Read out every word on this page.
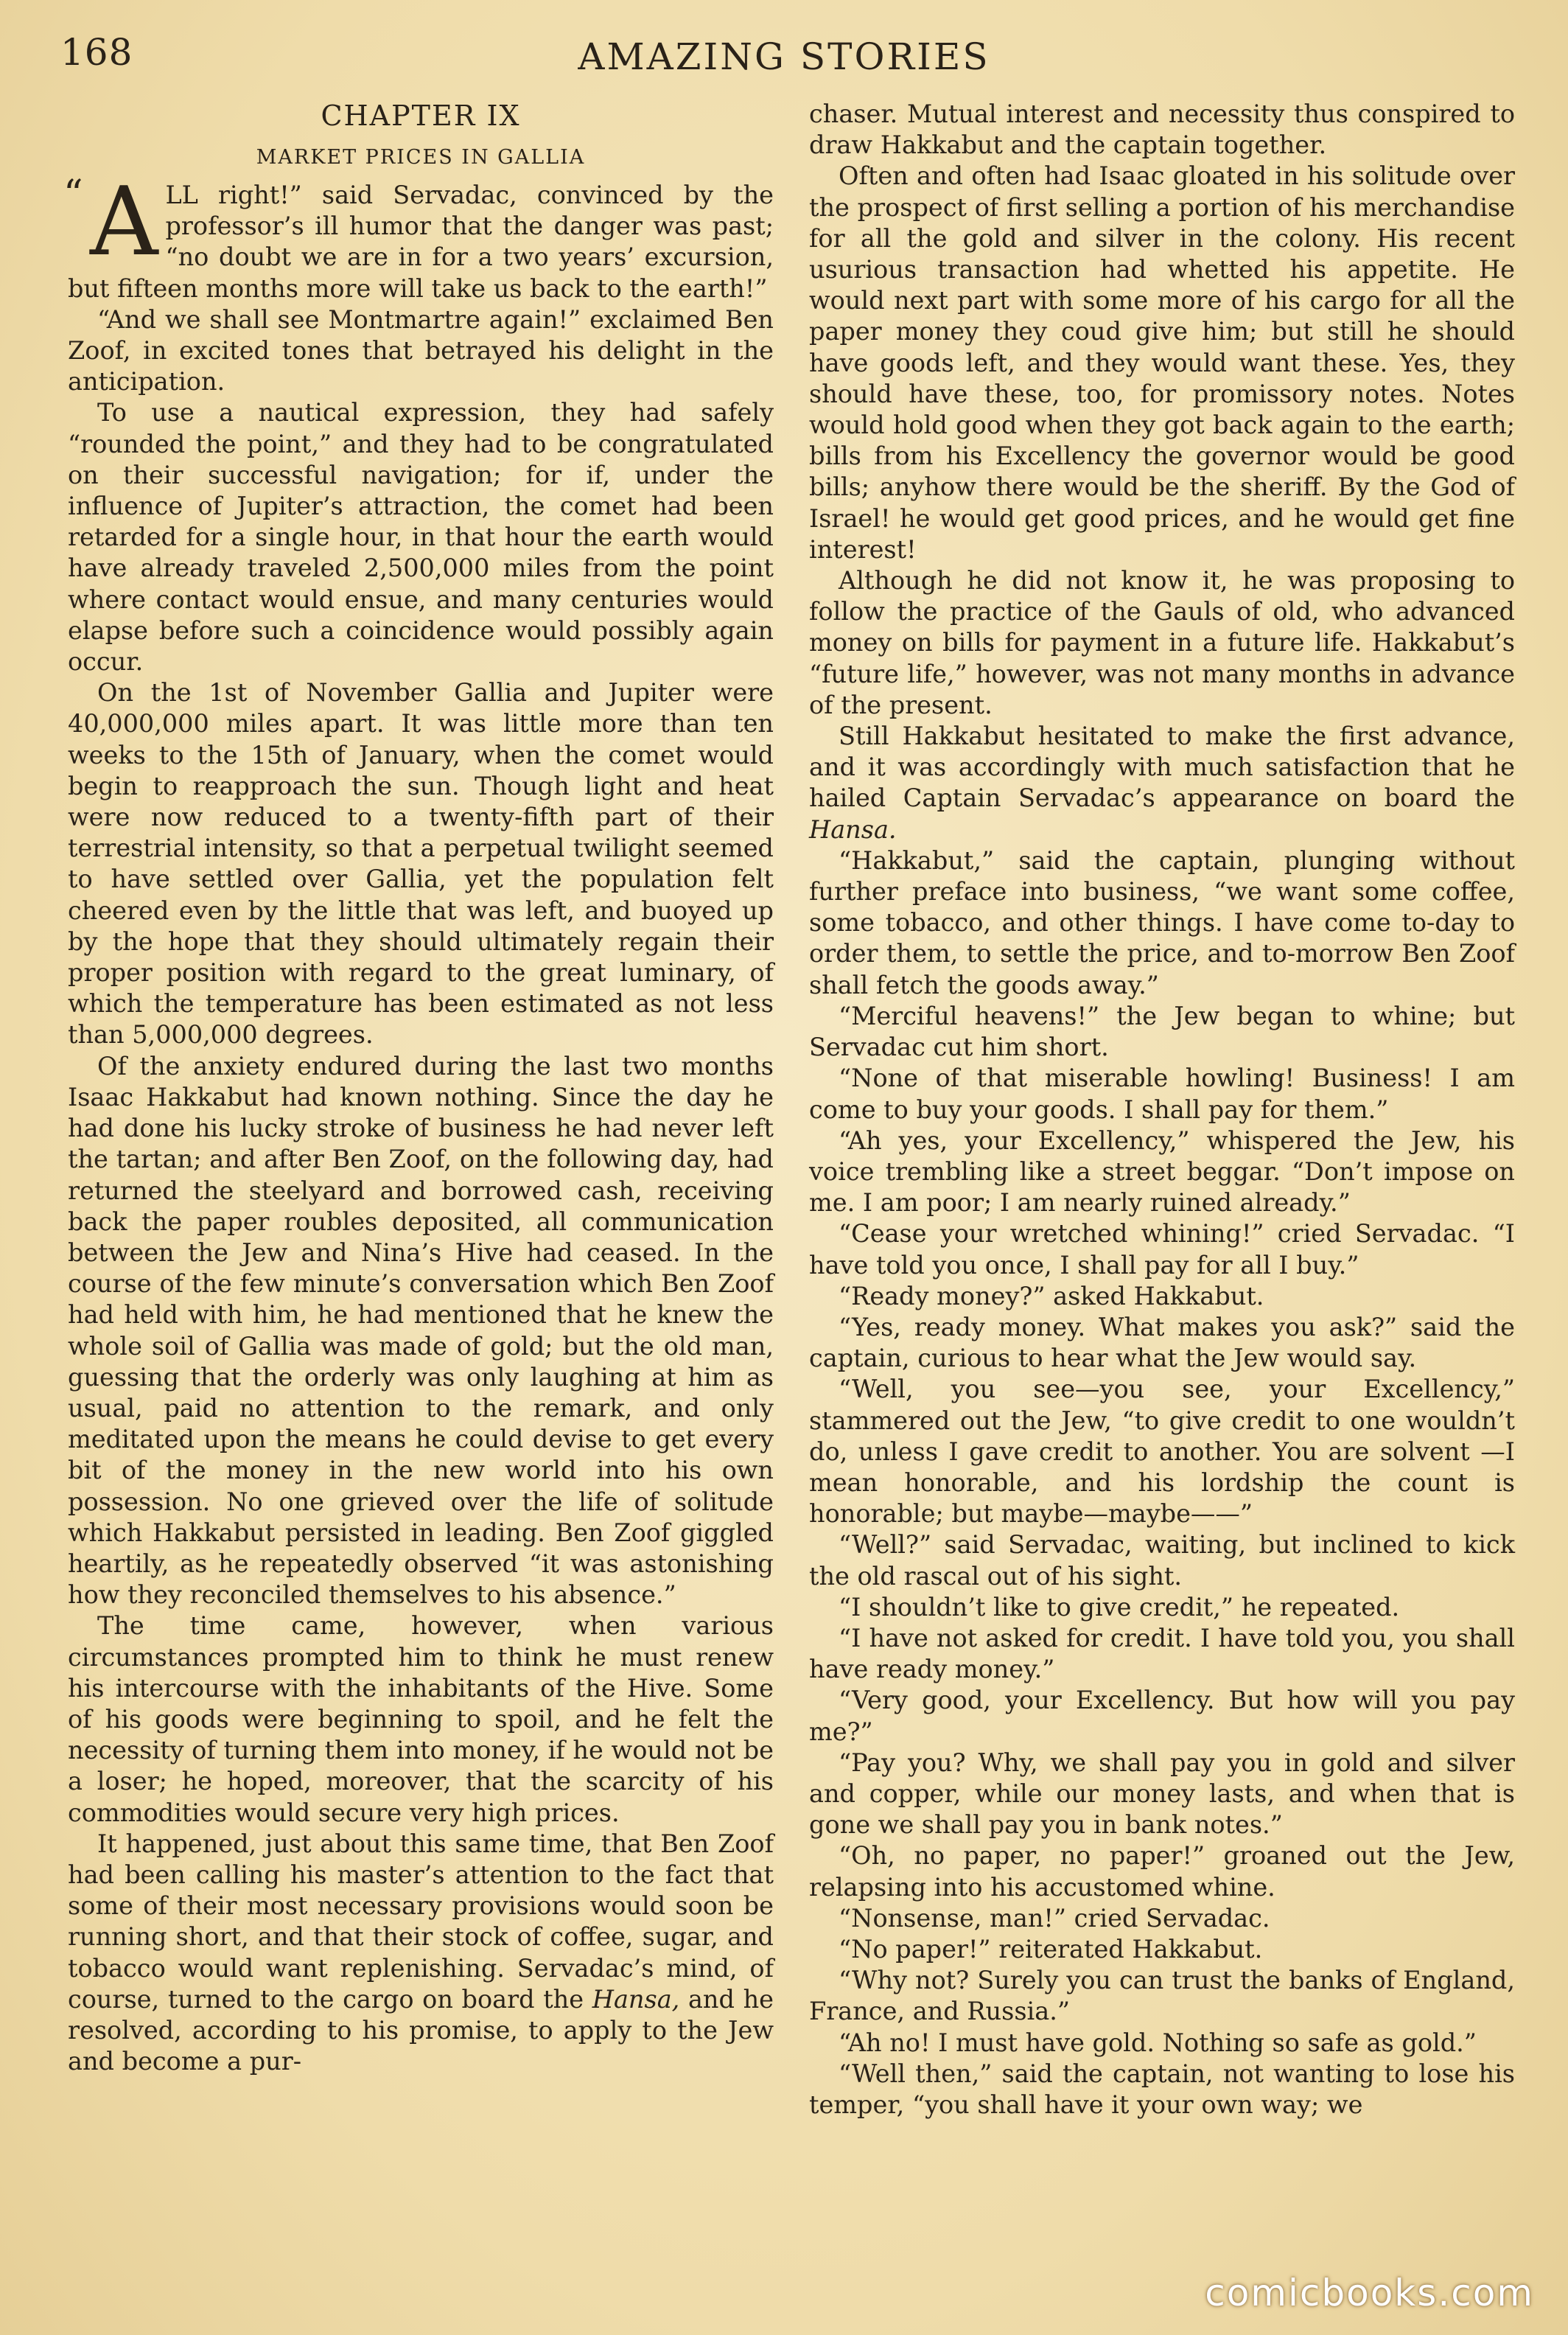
168	AMAZING STORIES
CHAPTER IX
MARKET PRICES IN GALLIA
“ A LL right!” said Servadac, convinced by the professor’s ill humor that the danger was past; “no doubt we are in for a two years’ excursion, but fifteen months more will take us back to the earth!”

“And we shall see Montmartre again!” exclaimed Ben Zoof, in excited tones that betrayed his delight in the anticipation.

To use a nautical expression, they had safely “rounded the point,” and they had to be congratulated on their successful navigation; for if, under the influence of Jupiter’s attraction, the comet had been retarded for a single hour, in that hour the earth would have already traveled 2,500,000 miles from the point where contact would ensue, and many centuries would elapse before such a coincidence would possibly again occur.

On the 1st of November Gallia and Jupiter were 40,000,000 miles apart. It was little more than ten weeks to the 15th of January, when the comet would begin to reapproach the sun. Though light and heat were now reduced to a twenty-fifth part of their terrestrial intensity, so that a perpetual twilight seemed to have settled over Gallia, yet the population felt cheered even by the little that was left, and buoyed up by the hope that they should ultimately regain their proper position with regard to the great luminary, of which the temperature has been estimated as not less than 5,000,000 degrees.

Of the anxiety endured during the last two months Isaac Hakkabut had known nothing. Since the day he had done his lucky stroke of business he had never left the tartan; and after Ben Zoof, on the following day, had returned the steelyard and borrowed cash, receiving back the paper roubles deposited, all communication between the Jew and Nina’s Hive had ceased. In the course of the few minute’s conversation which Ben Zoof had held with him, he had mentioned that he knew the whole soil of Gallia was made of gold; but the old man, guessing that the orderly was only laughing at him as usual, paid no attention to the remark, and only meditated upon the means he could devise to get every bit of the money in the new world into his own possession. No one grieved over the life of solitude which Hakkabut persisted in leading. Ben Zoof giggled heartily, as he repeatedly observed “it was astonishing how they reconciled themselves to his absence.”

The time came, however, when various circumstances prompted him to think he must renew his intercourse with the inhabitants of the Hive. Some of his goods were beginning to spoil, and he felt the necessity of turning them into money, if he would not be a loser; he hoped, moreover, that the scarcity of his commodities would secure very high prices.

It happened, just about this same time, that Ben Zoof had been calling his master’s attention to the fact that some of their most necessary provisions would soon be running short, and that their stock of coffee, sugar, and tobacco would want replenishing. Servadac’s mind, of course, turned to the cargo on board the Hansa, and he resolved, according to his promise, to apply to the Jew and become a pur-

chaser. Mutual interest and necessity thus conspired to draw Hakkabut and the captain together.

Often and often had Isaac gloated in his solitude over the prospect of first selling a portion of his merchandise for all the gold and silver in the colony. His recent usurious transaction had whetted his appetite. He would next part with some more of his cargo for all the paper money they coud give him; but still he should have goods left, and they would want these. Yes, they should have these, too, for promissory notes. Notes would hold good when they got back again to the earth; bills from his Excellency the governor would be good bills; anyhow there would be the sheriff. By the God of Israel! he would get good prices, and he would get fine interest!

Although he did not know it, he was proposing to follow the practice of the Gauls of old, who advanced money on bills for payment in a future life. Hakkabut’s “future life,” however, was not many months in advance of the present.

Still Hakkabut hesitated to make the first advance, and it was accordingly with much satisfaction that he hailed Captain Servadac’s appearance on board the Hansa.

“Hakkabut,” said the captain, plunging without further preface into business, “we want some coffee, some tobacco, and other things. I have come to-day to order them, to settle the price, and to-morrow Ben Zoof shall fetch the goods away.”

“Merciful heavens!” the Jew began to whine; but Servadac cut him short.

“None of that miserable howling! Business! I am come to buy your goods. I shall pay for them.”

“Ah yes, your Excellency,” whispered the Jew, his voice trembling like a street beggar. “Don’t impose on me. I am poor; I am nearly ruined already.”

“Cease your wretched whining!” cried Servadac. “I have told you once, I shall pay for all I buy.”

“Ready money?” asked Hakkabut.

“Yes, ready money. What makes you ask?” said the captain, curious to hear what the Jew would say.

“Well, you see—you see, your Excellency,” stammered out the Jew, “to give credit to one wouldn’t do, unless I gave credit to another. You are solvent —I mean honorable, and his lordship the count is honorable; but maybe—maybe——”

“Well?” said Servadac, waiting, but inclined to kick the old rascal out of his sight.

“I shouldn’t like to give credit,” he repeated.

“I have not asked for credit. I have told you, you shall have ready money.”

“Very good, your Excellency. But how will you pay me?”

“Pay you? Why, we shall pay you in gold and silver and copper, while our money lasts, and when that is gone we shall pay you in bank notes.”

“Oh, no paper, no paper!” groaned out the Jew, relapsing into his accustomed whine.

“Nonsense, man!” cried Servadac.

“No paper!” reiterated Hakkabut.

“Why not? Surely you can trust the banks of England, France, and Russia.”

“Ah no! I must have gold. Nothing so safe as gold.”

“Well then,” said the captain, not wanting to lose his temper, “you shall have it your own way; we

comicbooks.com
